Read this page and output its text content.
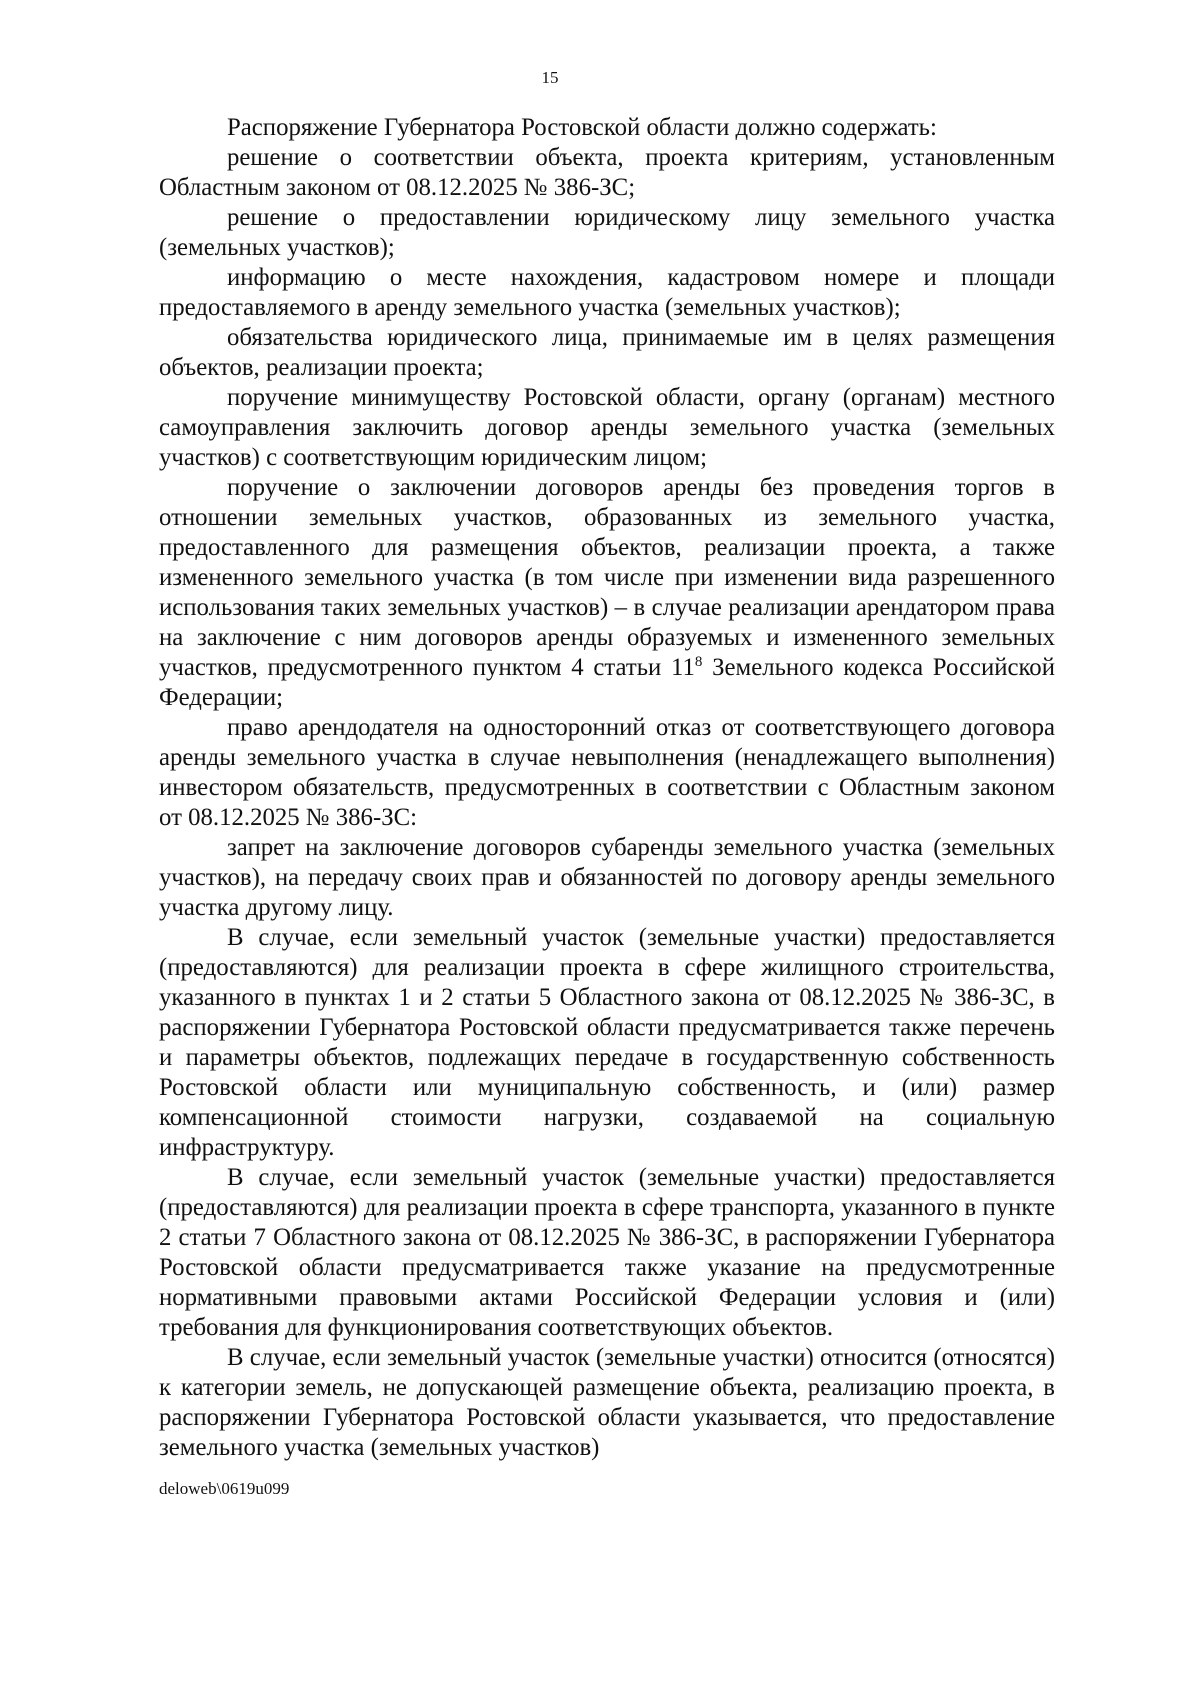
15

Распоряжение Губернатора Ростовской области должно содержать:

решение о соответствии объекта, проекта критериям, установленным Областным законом от 08.12.2025 № 386-ЗС;

решение о предоставлении юридическому лицу земельного участка (земельных участков);

информацию о месте нахождения, кадастровом номере и площади предоставляемого в аренду земельного участка (земельных участков);

обязательства юридического лица, принимаемые им в целях размещения объектов, реализации проекта;

поручение минимуществу Ростовской области, органу (органам) местного самоуправления заключить договор аренды земельного участка (земельных участков) с соответствующим юридическим лицом;

поручение о заключении договоров аренды без проведения торгов в отношении земельных участков, образованных из земельного участка, предоставленного для размещения объектов, реализации проекта, а также измененного земельного участка (в том числе при изменении вида разрешенного использования таких земельных участков) – в случае реализации арендатором права на заключение с ним договоров аренды образуемых и измененного земельных участков, предусмотренного пунктом 4 статьи $11^8$ Земельного кодекса Российской Федерации;

право арендодателя на односторонний отказ от соответствующего договора аренды земельного участка в случае невыполнения (ненадлежащего выполнения) инвестором обязательств, предусмотренных в соответствии с Областным законом от 08.12.2025 № 386-ЗС:

запрет на заключение договоров субаренды земельного участка (земельных участков), на передачу своих прав и обязанностей по договору аренды земельного участка другому лицу.

В случае, если земельный участок (земельные участки) предоставляется (предоставляются) для реализации проекта в сфере жилищного строительства, указанного в пунктах 1 и 2 статьи 5 Областного закона от 08.12.2025 № 386-ЗС, в распоряжении Губернатора Ростовской области предусматривается также перечень и параметры объектов, подлежащих передаче в государственную собственность Ростовской области или муниципальную собственность, и (или) размер компенсационной стоимости нагрузки, создаваемой на социальную инфраструктуру.

В случае, если земельный участок (земельные участки) предоставляется (предоставляются) для реализации проекта в сфере транспорта, указанного в пункте 2 статьи 7 Областного закона от 08.12.2025 № 386-ЗС, в распоряжении Губернатора Ростовской области предусматривается также указание на предусмотренные нормативными правовыми актами Российской Федерации условия и (или) требования для функционирования соответствующих объектов.

В случае, если земельный участок (земельные участки) относится (относятся) к категории земель, не допускающей размещение объекта, реализацию проекта, в распоряжении Губернатора Ростовской области указывается, что предоставление земельного участка (земельных участков)

deloweb\0619u099
